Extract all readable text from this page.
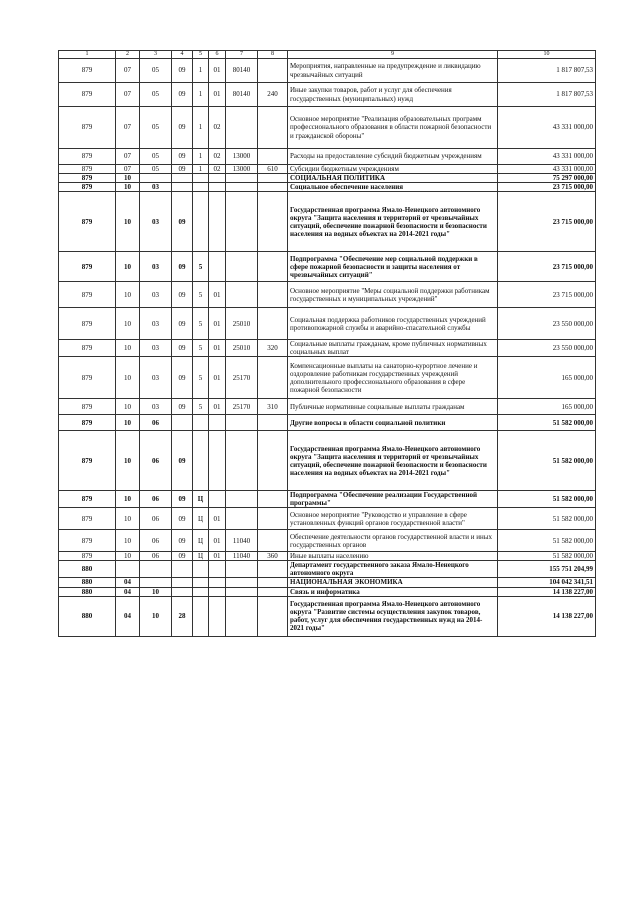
1	2	3	4	5	6	7	8	9	10
879	07	05	09	1	01	80140		Мероприятия, направленные на предупреждение и ликвидацию чрезвычайных ситуаций	1 817 807,53
879	07	05	09	1	01	80140	240	Иные закупки товаров, работ и услуг для обеспечения государственных (муниципальных) нужд	1 817 807,53
879	07	05	09	1	02			Основное мероприятие "Реализация образовательных программ профессионального образования в области пожарной безопасности и гражданской обороны"	43 331 000,00
879	07	05	09	1	02	13000		Расходы на предоставление субсидий бюджетным учреждениям	43 331 000,00
879	07	05	09	1	02	13000	610	Субсидии бюджетным учреждениям	43 331 000,00
879	10							СОЦИАЛЬНАЯ ПОЛИТИКА	75 297 000,00
879	10	03						Социальное обеспечение населения	23 715 000,00
879	10	03	09					Государственная программа Ямало-Ненецкого автономного округа "Защита населения и территорий от чрезвычайных ситуаций, обеспечение пожарной безопасности и безопасности населения на водных объектах на 2014-2021 годы"	23 715 000,00
879	10	03	09	5				Подпрограмма "Обеспечение мер социальной поддержки в сфере пожарной безопасности и защиты населения от чрезвычайных ситуаций"	23 715 000,00
879	10	03	09	5	01			Основное мероприятие "Меры социальной поддержки работникам государственных и муниципальных учреждений"	23 715 000,00
879	10	03	09	5	01	25010		Социальная поддержка работников государственных учреждений противопожарной службы и аварийно-спасательной службы	23 550 000,00
879	10	03	09	5	01	25010	320	Социальные выплаты гражданам, кроме публичных нормативных социальных выплат	23 550 000,00
879	10	03	09	5	01	25170		Компенсационные выплаты на санаторно-курортное лечение и оздоровление работникам государственных учреждений дополнительного профессионального образования в сфере пожарной безопасности	165 000,00
879	10	03	09	5	01	25170	310	Публичные нормативные социальные выплаты гражданам	165 000,00
879	10	06						Другие вопросы в области социальной политики	51 582 000,00
879	10	06	09					Государственная программа Ямало-Ненецкого автономного округа "Защита населения и территорий от чрезвычайных ситуаций, обеспечение пожарной безопасности и безопасности населения на водных объектах на 2014-2021 годы"	51 582 000,00
879	10	06	09	Ц				Подпрограмма "Обеспечение реализации Государственной программы"	51 582 000,00
879	10	06	09	Ц	01			Основное мероприятие "Руководство и управление в сфере установленных функций органов государственной власти"	51 582 000,00
879	10	06	09	Ц	01	11040		Обеспечение деятельности органов государственной власти и иных государственных органов	51 582 000,00
879	10	06	09	Ц	01	11040	360	Иные выплаты населению	51 582 000,00
880								Департамент государственного заказа Ямало-Ненецкого автономного округа	155 751 204,99
880	04							НАЦИОНАЛЬНАЯ ЭКОНОМИКА	104 042 341,51
880	04	10						Связь и информатика	14 138 227,00
880	04	10	28					Государственная программа Ямало-Ненецкого автономного округа "Развитие системы осуществления закупок товаров, работ, услуг для обеспечения государственных нужд на 2014-2021 годы"	14 138 227,00
